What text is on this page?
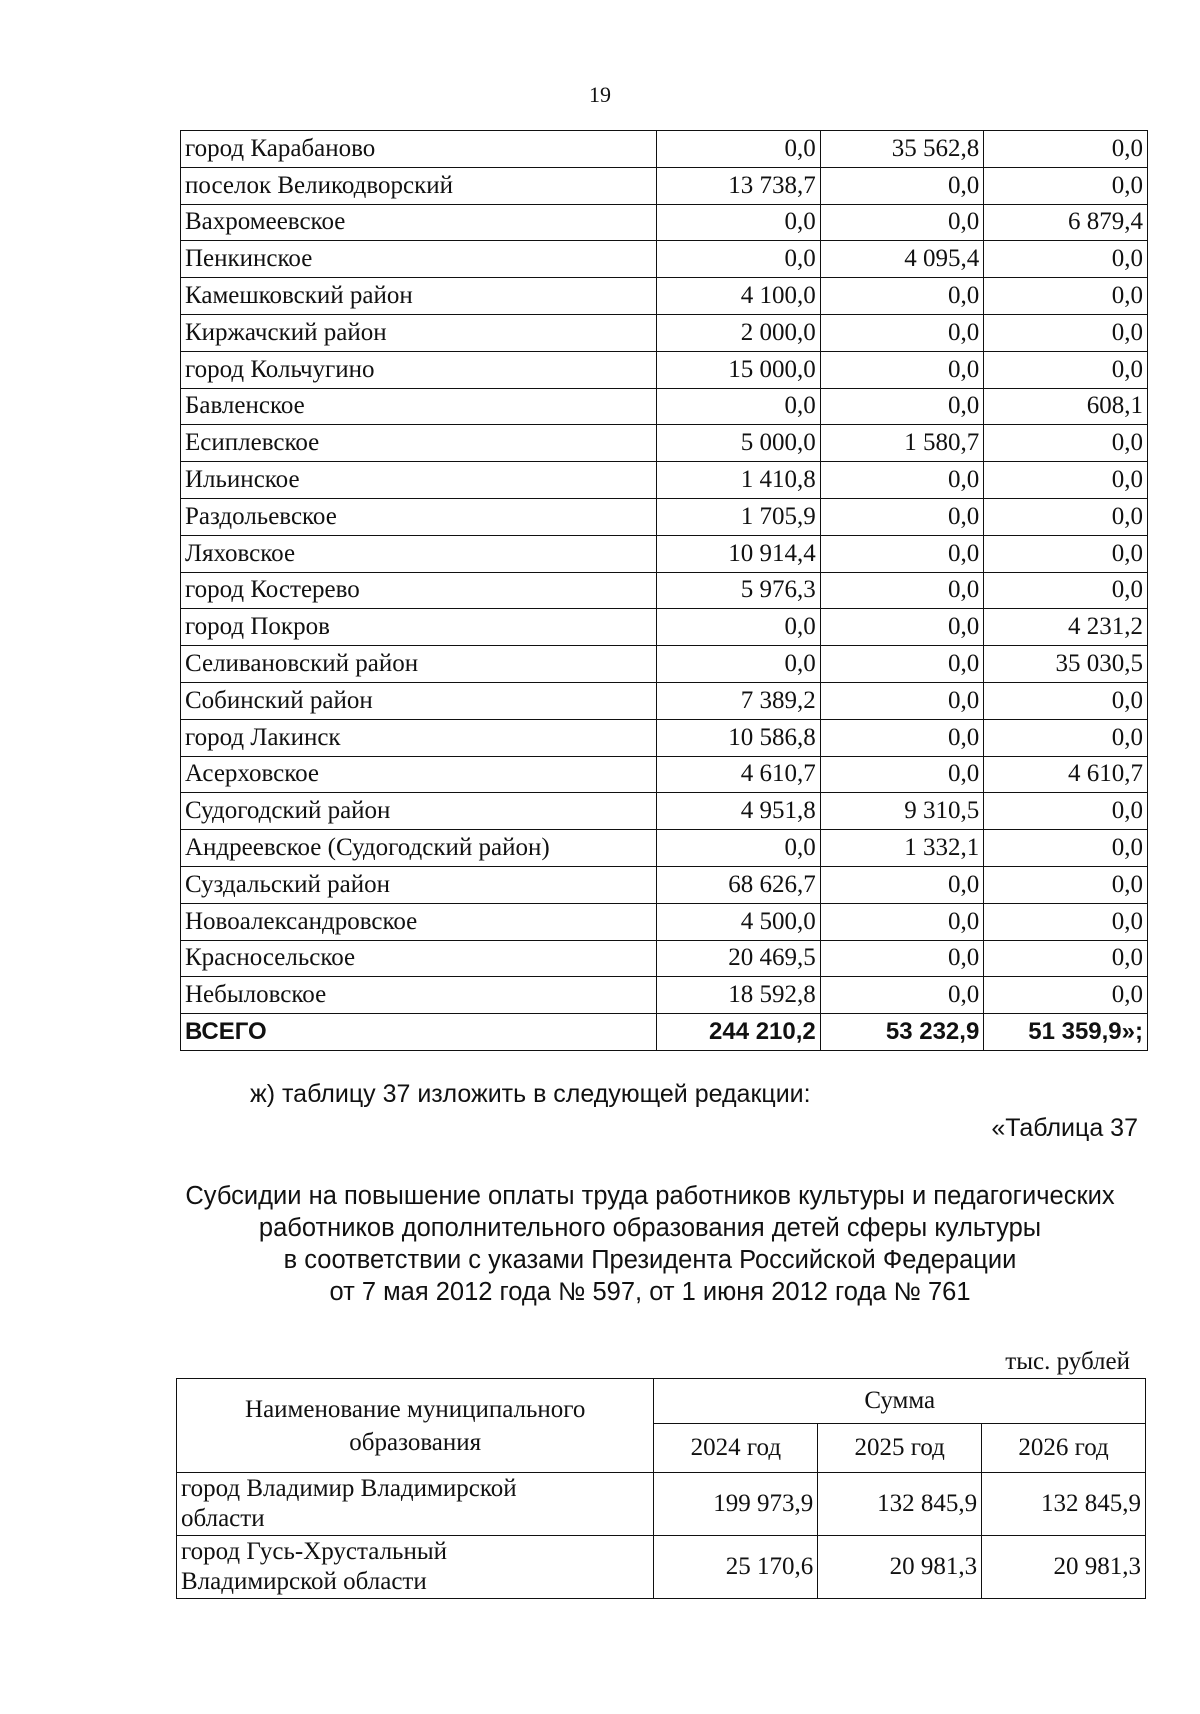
19
город Карабаново	0,0	35 562,8	0,0
поселок Великодворский	13 738,7	0,0	0,0
Вахромеевское	0,0	0,0	6 879,4
Пенкинское	0,0	4 095,4	0,0
Камешковский район	4 100,0	0,0	0,0
Киржачский район	2 000,0	0,0	0,0
город Кольчугино	15 000,0	0,0	0,0
Бавленское	0,0	0,0	608,1
Есиплевское	5 000,0	1 580,7	0,0
Ильинское	1 410,8	0,0	0,0
Раздольевское	1 705,9	0,0	0,0
Ляховское	10 914,4	0,0	0,0
город Костерево	5 976,3	0,0	0,0
город Покров	0,0	0,0	4 231,2
Селивановский район	0,0	0,0	35 030,5
Собинский район	7 389,2	0,0	0,0
город Лакинск	10 586,8	0,0	0,0
Асерховское	4 610,7	0,0	4 610,7
Судогодский район	4 951,8	9 310,5	0,0
Андреевское (Судогодский район)	0,0	1 332,1	0,0
Суздальский район	68 626,7	0,0	0,0
Новоалександровское	4 500,0	0,0	0,0
Красносельское	20 469,5	0,0	0,0
Небыловское	18 592,8	0,0	0,0
ВСЕГО	244 210,2	53 232,9	51 359,9»;
ж) таблицу 37 изложить в следующей редакции:
«Таблица 37
Субсидии на повышение оплаты труда работников культуры и педагогических
работников дополнительного образования детей сферы культуры
в соответствии с указами Президента Российской Федерации
от 7 мая 2012 года № 597, от 1 июня 2012 года № 761
тыс. рублей
Наименование муниципального
образования	Сумма		
	2024 год	2025 год	2026 год

город Владимир Владимирской
области	199 973,9	132 845,9	132 845,9

город Гусь-Хрустальный
Владимирской области	25 170,6	20 981,3	20 981,3
